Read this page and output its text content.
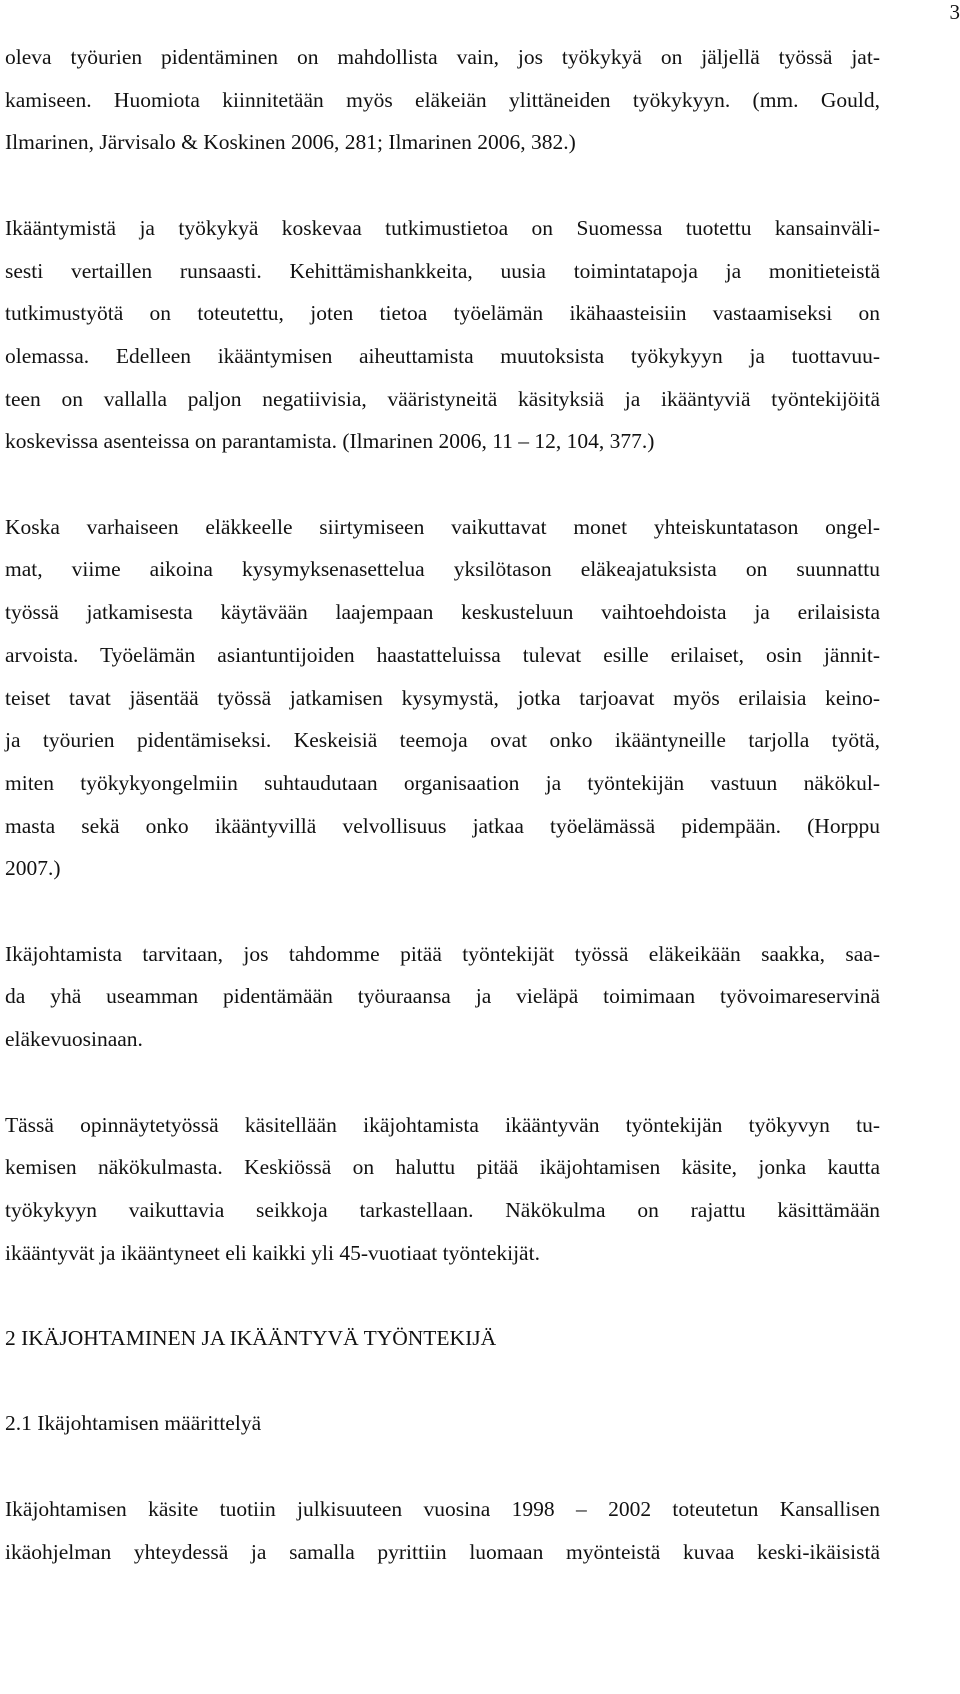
3
oleva työurien pidentäminen on mahdollista vain, jos työkykyä on jäljellä työssä jat-
kamiseen. Huomiota kiinnitetään myös eläkeiän ylittäneiden työkykyyn. (mm. Gould,
Ilmarinen, Järvisalo & Koskinen 2006, 281; Ilmarinen 2006, 382.)
Ikääntymistä ja työkykyä koskevaa tutkimustietoa on Suomessa tuotettu kansainväli-
sesti vertaillen runsaasti. Kehittämishankkeita, uusia toimintatapoja ja monitieteistä
tutkimustyötä on toteutettu, joten tietoa työelämän ikähaasteisiin vastaamiseksi on
olemassa. Edelleen ikääntymisen aiheuttamista muutoksista työkykyyn ja tuottavuu-
teen on vallalla paljon negatiivisia, vääristyneitä käsityksiä ja ikääntyviä työntekijöitä
koskevissa asenteissa on parantamista. (Ilmarinen 2006, 11 – 12, 104, 377.)
Koska varhaiseen eläkkeelle siirtymiseen vaikuttavat monet yhteiskuntatason ongel-
mat, viime aikoina kysymyksenasettelua yksilötason eläkeajatuksista on suunnattu
työssä jatkamisesta käytävään laajempaan keskusteluun vaihtoehdoista ja erilaisista
arvoista. Työelämän asiantuntijoiden haastatteluissa tulevat esille erilaiset, osin jännit-
teiset tavat jäsentää työssä jatkamisen kysymystä, jotka tarjoavat myös erilaisia keino-
ja työurien pidentämiseksi. Keskeisiä teemoja ovat onko ikääntyneille tarjolla työtä,
miten työkykyongelmiin suhtaudutaan organisaation ja työntekijän vastuun näkökul-
masta sekä onko ikääntyvillä velvollisuus jatkaa työelämässä pidempään. (Horppu
2007.)
Ikäjohtamista tarvitaan, jos tahdomme pitää työntekijät työssä eläkeikään saakka, saa-
da yhä useamman pidentämään työuraansa ja vieläpä toimimaan työvoimareservinä
eläkevuosinaan.
Tässä opinnäytetyössä käsitellään ikäjohtamista ikääntyvän työntekijän työkyvyn tu-
kemisen näkökulmasta. Keskiössä on haluttu pitää ikäjohtamisen käsite, jonka kautta
työkykyyn vaikuttavia seikkoja tarkastellaan. Näkökulma on rajattu käsittämään
ikääntyvät ja ikääntyneet eli kaikki yli 45-vuotiaat työntekijät.
2 IKÄJOHTAMINEN JA IKÄÄNTYVÄ TYÖNTEKIJÄ
2.1 Ikäjohtamisen määrittelyä
Ikäjohtamisen käsite tuotiin julkisuuteen vuosina 1998 – 2002 toteutetun Kansallisen
ikäohjelman yhteydessä ja samalla pyrittiin luomaan myönteistä kuvaa keski-ikäisistä
